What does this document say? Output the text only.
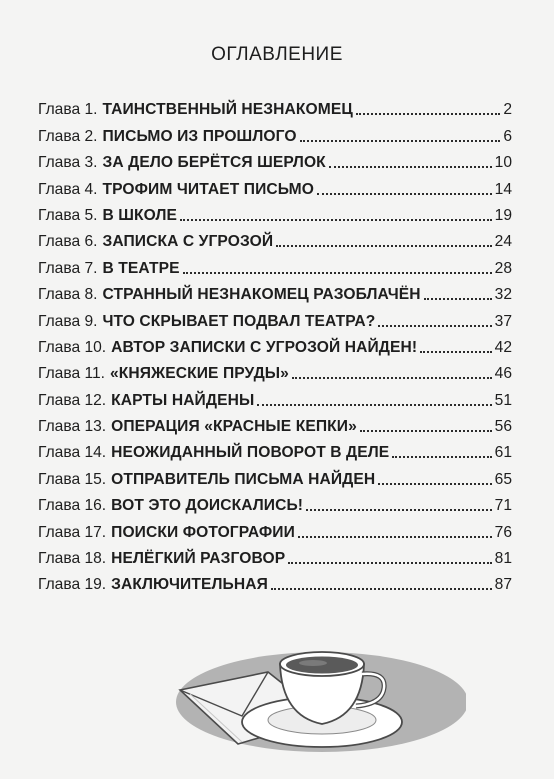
ОГЛАВЛЕНИЕ
Глава 1. ТАИНСТВЕННЫЙ НЕЗНАКОМЕЦ	2
Глава 2. ПИСЬМО ИЗ ПРОШЛОГО	6
Глава 3. ЗА ДЕЛО БЕРЁТСЯ ШЕРЛОК	10
Глава 4. ТРОФИМ ЧИТАЕТ ПИСЬМО	14
Глава 5. В ШКОЛЕ	19
Глава 6. ЗАПИСКА С УГРОЗОЙ	24
Глава 7. В ТЕАТРЕ	28
Глава 8. СТРАННЫЙ НЕЗНАКОМЕЦ РАЗОБЛАЧЁН	32
Глава 9. ЧТО СКРЫВАЕТ ПОДВАЛ ТЕАТРА?	37
Глава 10. АВТОР ЗАПИСКИ С УГРОЗОЙ НАЙДЕН!	42
Глава 11. «КНЯЖЕСКИЕ ПРУДЫ»	46
Глава 12. КАРТЫ НАЙДЕНЫ	51
Глава 13. ОПЕРАЦИЯ «КРАСНЫЕ КЕПКИ»	56
Глава 14. НЕОЖИДАННЫЙ ПОВОРОТ В ДЕЛЕ	61
Глава 15. ОТПРАВИТЕЛЬ ПИСЬМА НАЙДЕН	65
Глава 16. ВОТ ЭТО ДОИСКАЛИСЬ!	71
Глава 17. ПОИСКИ ФОТОГРАФИИ	76
Глава 18. НЕЛЁГКИЙ РАЗГОВОР	81
Глава 19. ЗАКЛЮЧИТЕЛЬНАЯ	87
